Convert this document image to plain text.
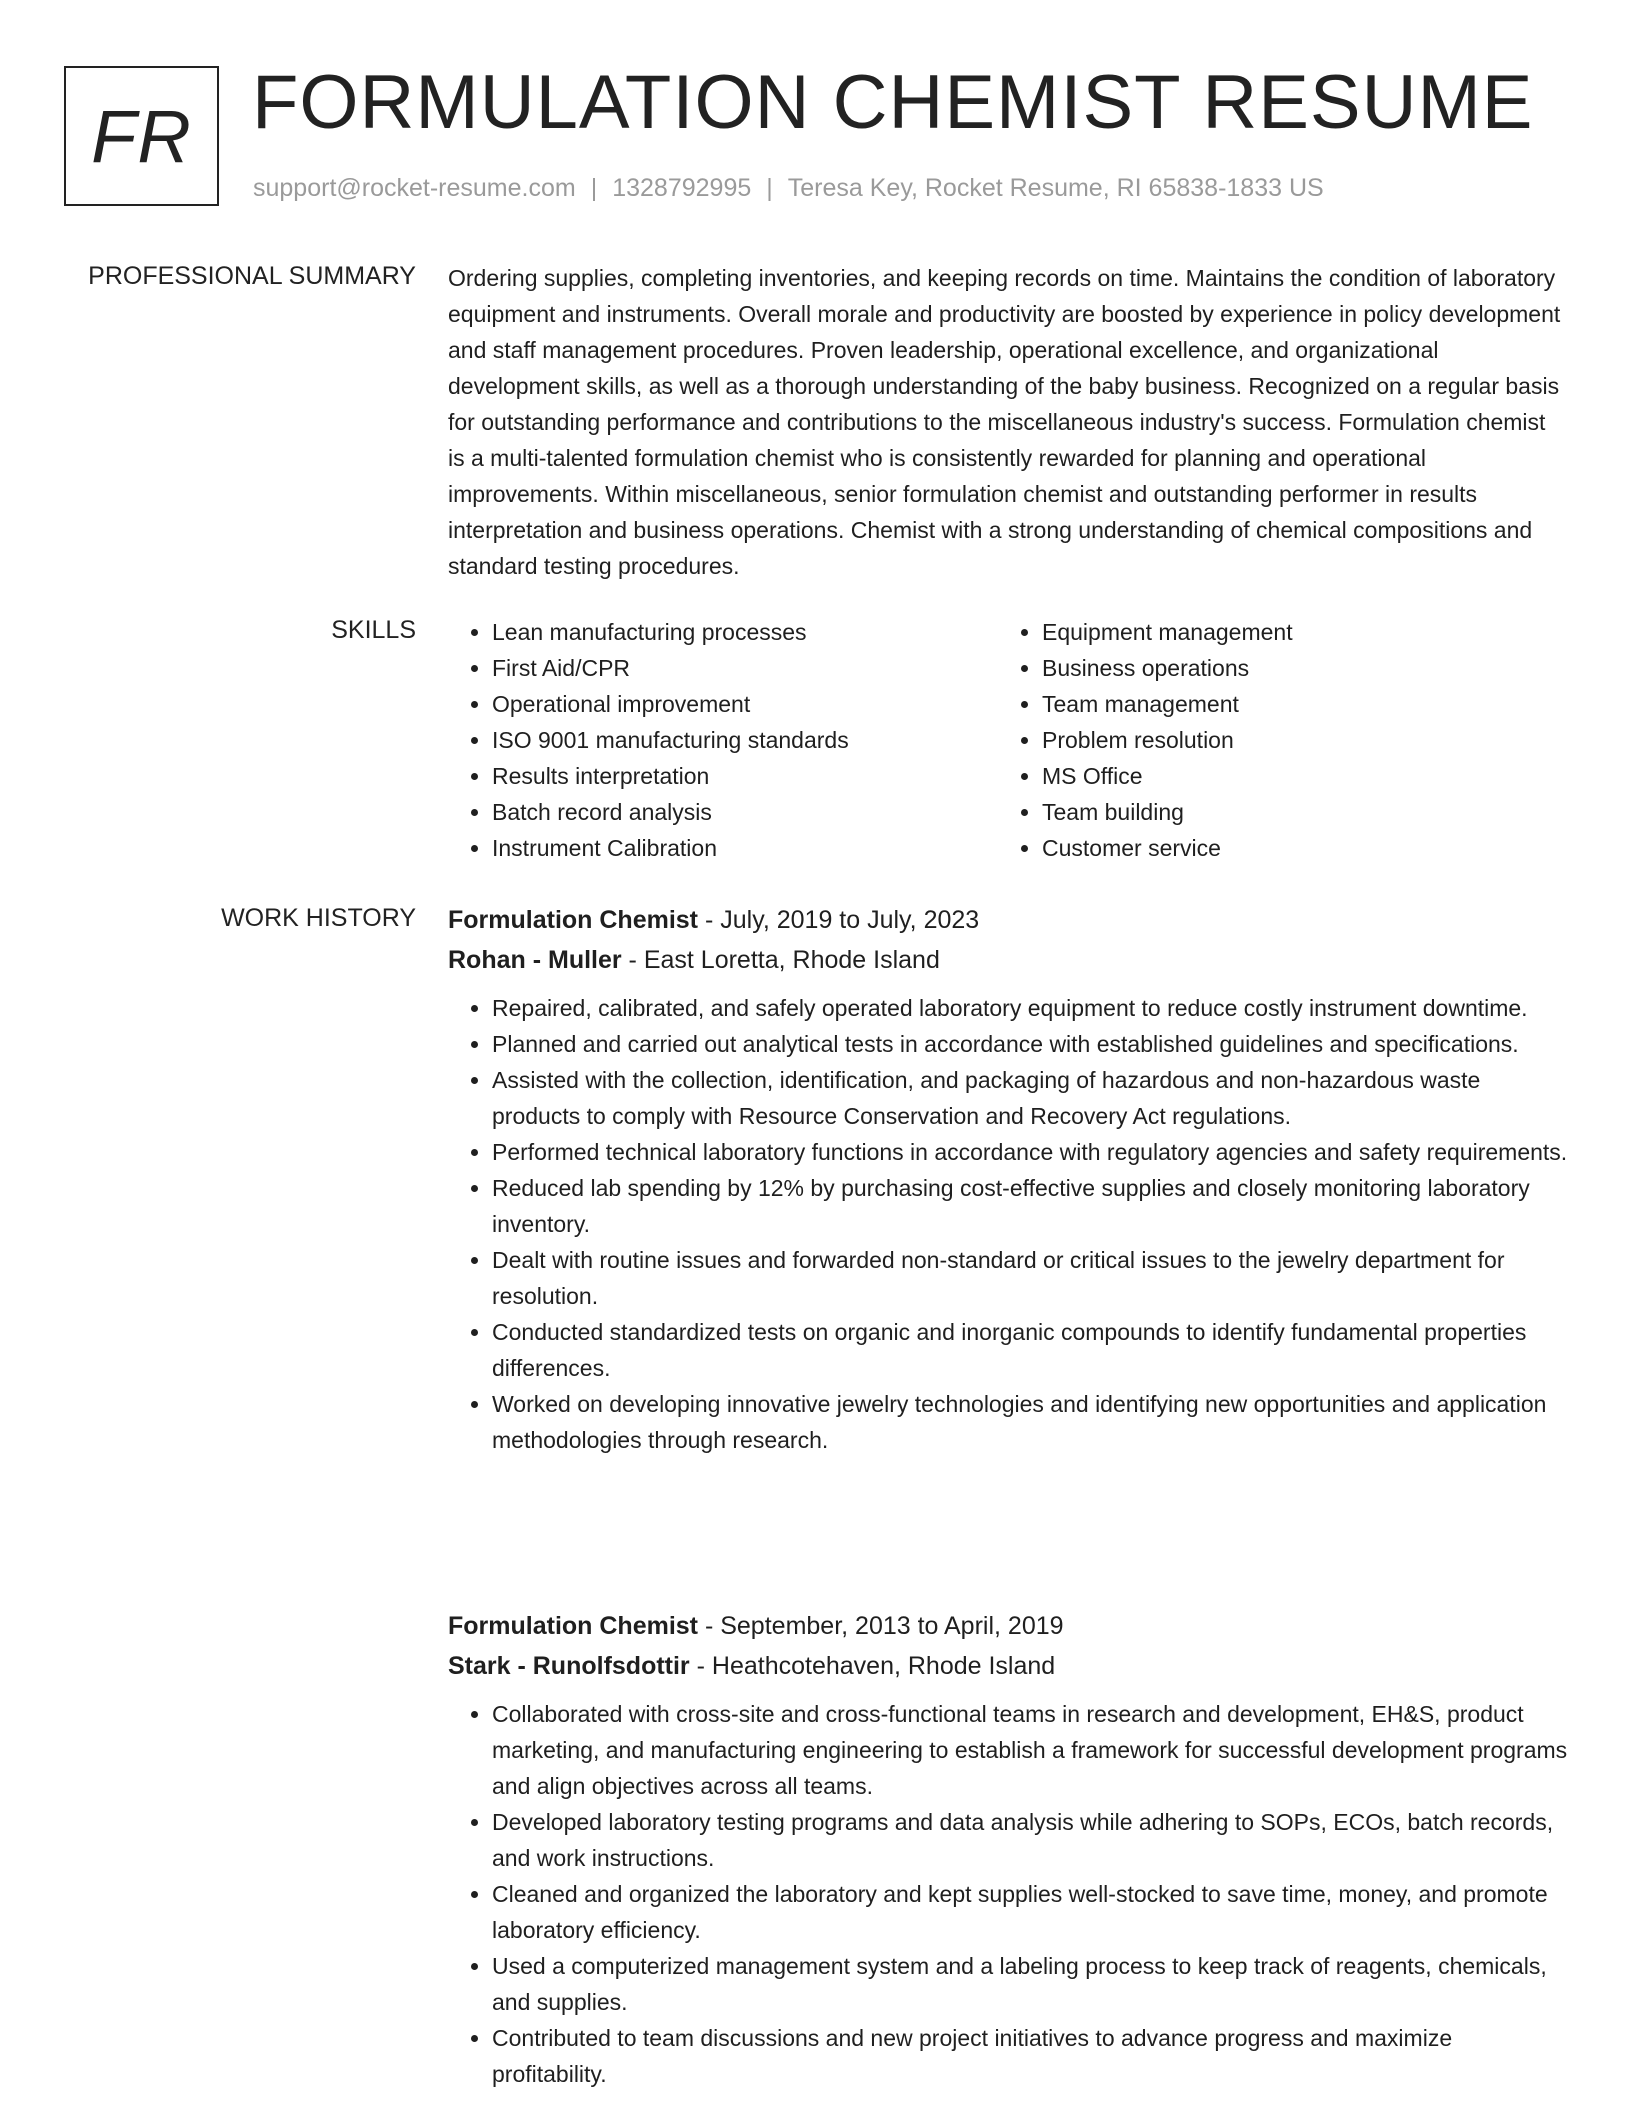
FR FORMULATION CHEMIST RESUME
support@rocket-resume.com | 1328792995 | Teresa Key, Rocket Resume, RI 65838-1833 US
PROFESSIONAL SUMMARY Ordering supplies, completing inventories, and keeping records on time. Maintains the condition of laboratory equipment and instruments. Overall morale and productivity are boosted by experience in policy development and staff management procedures. Proven leadership, operational excellence, and organizational development skills, as well as a thorough understanding of the baby business. Recognized on a regular basis for outstanding performance and contributions to the miscellaneous industry's success. Formulation chemist is a multi-talented formulation chemist who is consistently rewarded for planning and operational improvements. Within miscellaneous, senior formulation chemist and outstanding performer in results interpretation and business operations. Chemist with a strong understanding of chemical compositions and standard testing procedures.
SKILLS
•	Lean manufacturing processes
• First Aid/CPR
• Operational improvement
• ISO 9001 manufacturing standards
• Results interpretation
• Batch record analysis
• Instrument Calibration
• Equipment management
• Business operations
• Team management
• Problem resolution
• MS Office
• Team building
• Customer service
WORK HISTORY Formulation Chemist - July, 2019 to July, 2023
Rohan - Muller - East Loretta, Rhode Island
• Repaired, calibrated, and safely operated laboratory equipment to reduce costly instrument downtime.
• Planned and carried out analytical tests in accordance with established guidelines and specifications.
• Assisted with the collection, identification, and packaging of hazardous and non-hazardous waste products to comply with Resource Conservation and Recovery Act regulations.
• Performed technical laboratory functions in accordance with regulatory agencies and safety requirements.
• Reduced lab spending by 12% by purchasing cost-effective supplies and closely monitoring laboratory inventory.
• Dealt with routine issues and forwarded non-standard or critical issues to the jewelry department for resolution.
• Conducted standardized tests on organic and inorganic compounds to identify fundamental properties differences.
• Worked on developing innovative jewelry technologies and identifying new opportunities and application methodologies through research.
Formulation Chemist - September, 2013 to April, 2019
Stark - Runolfsdottir - Heathcotehaven, Rhode Island
• Collaborated with cross-site and cross-functional teams in research and development, EH&S, product marketing, and manufacturing engineering to establish a framework for successful development programs and align objectives across all teams.
• Developed laboratory testing programs and data analysis while adhering to SOPs, ECOs, batch records, and work instructions.
• Cleaned and organized the laboratory and kept supplies well-stocked to save time, money, and promote laboratory efficiency.
• Used a computerized management system and a labeling process to keep track of reagents, chemicals, and supplies.
• Contributed to team discussions and new project initiatives to advance progress and maximize profitability.
